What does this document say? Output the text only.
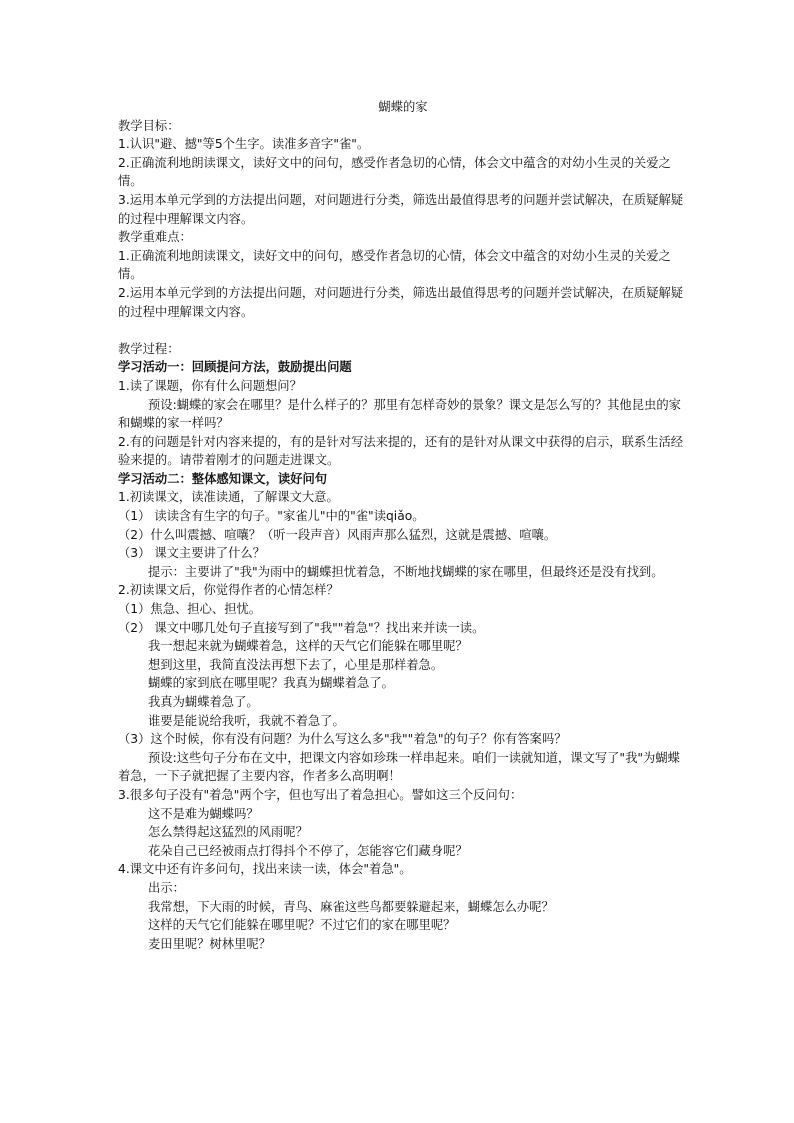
蝴蝶的家
教学目标：
1.认识"避、撼"等5个生字。读准多音字"雀"。
2.正确流利地朗读课文，读好文中的问句，感受作者急切的心情，体会文中蕴含的对幼小生灵的关爱之情。
3.运用本单元学到的方法提出问题，对问题进行分类，筛选出最值得思考的问题并尝试解决，在质疑解疑的过程中理解课文内容。
教学重难点：
1.正确流利地朗读课文，读好文中的问句，感受作者急切的心情，体会文中蕴含的对幼小生灵的关爱之情。
2.运用本单元学到的方法提出问题，对问题进行分类，筛选出最值得思考的问题并尝试解决，在质疑解疑的过程中理解课文内容。
教学过程：
学习活动一：回顾提问方法，鼓励提出问题
1.读了课题，你有什么问题想问？
预设:蝴蝶的家会在哪里？是什么样子的？那里有怎样奇妙的景象？课文是怎么写的？其他昆虫的家和蝴蝶的家一样吗？
2.有的问题是针对内容来提的，有的是针对写法来提的，还有的是针对从课文中获得的启示，联系生活经验来提的。请带着刚才的问题走进课文。
学习活动二：整体感知课文，读好问句
1.初读课文，读准读通，了解课文大意。
（1） 读读含有生字的句子。"家雀儿"中的"雀"读qiǎo。
（2）什么叫震撼、喧嚷？（听一段声音）风雨声那么猛烈，这就是震撼、喧嚷。
（3） 课文主要讲了什么？
提示：主要讲了"我"为雨中的蝴蝶担忧着急，不断地找蝴蝶的家在哪里，但最终还是没有找到。
2.初读课文后，你觉得作者的心情怎样？
（1）焦急、担心、担忧。
（2） 课文中哪几处句子直接写到了"我""着急"？找出来并读一读。
我一想起来就为蝴蝶着急，这样的天气它们能躲在哪里呢？
想到这里，我简直没法再想下去了，心里是那样着急。
蝴蝶的家到底在哪里呢？我真为蝴蝶着急了。
我真为蝴蝶着急了。
谁要是能说给我听，我就不着急了。
（3）这个时候，你有没有问题？为什么写这么多"我""着急"的句子？你有答案吗？
预设:这些句子分布在文中，把课文内容如珍珠一样串起来。咱们一读就知道，课文写了"我"为蝴蝶着急，一下子就把握了主要内容，作者多么高明啊！
3.很多句子没有"着急"两个字，但也写出了着急担心。譬如这三个反问句：
这不是难为蝴蝶吗？
怎么禁得起这猛烈的风雨呢？
花朵自己已经被雨点打得抖个不停了，怎能容它们藏身呢？
4.课文中还有许多问句，找出来读一读，体会"着急"。
出示：
我常想，下大雨的时候，青鸟、麻雀这些鸟都要躲避起来，蝴蝶怎么办呢？
这样的天气它们能躲在哪里呢？不过它们的家在哪里呢？
麦田里呢？树林里呢？
